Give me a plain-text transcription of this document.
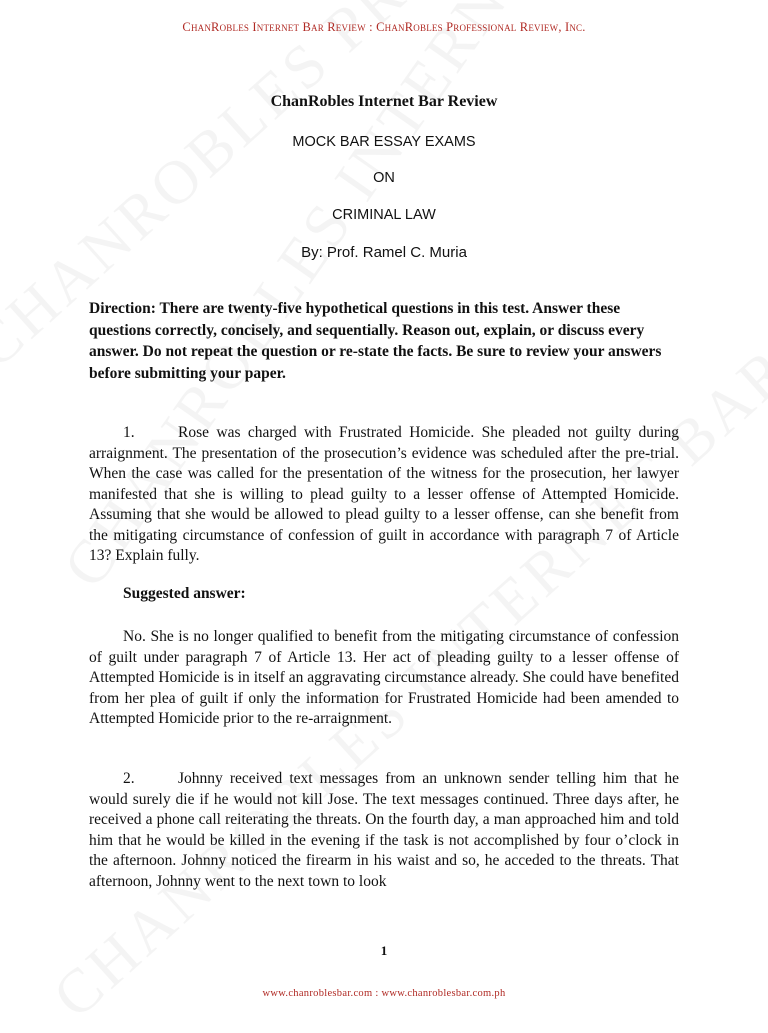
ChanRobles Internet Bar Review : ChanRobles Professional Review, Inc.
ChanRobles Internet Bar Review
MOCK BAR ESSAY EXAMS
ON
CRIMINAL LAW
By: Prof. Ramel C. Muria
Direction: There are twenty-five hypothetical questions in this test. Answer these questions correctly, concisely, and sequentially. Reason out, explain, or discuss every answer. Do not repeat the question or re-state the facts. Be sure to review your answers before submitting your paper.
1.	Rose was charged with Frustrated Homicide. She pleaded not guilty during arraignment. The presentation of the prosecution’s evidence was scheduled after the pre-trial. When the case was called for the presentation of the witness for the prosecution, her lawyer manifested that she is willing to plead guilty to a lesser offense of Attempted Homicide. Assuming that she would be allowed to plead guilty to a lesser offense, can she benefit from the mitigating circumstance of confession of guilt in accordance with paragraph 7 of Article 13? Explain fully.
Suggested answer:
No. She is no longer qualified to benefit from the mitigating circumstance of confession of guilt under paragraph 7 of Article 13. Her act of pleading guilty to a lesser offense of Attempted Homicide is in itself an aggravating circumstance already. She could have benefited from her plea of guilt if only the information for Frustrated Homicide had been amended to Attempted Homicide prior to the re-arraignment.
2.	Johnny received text messages from an unknown sender telling him that he would surely die if he would not kill Jose. The text messages continued. Three days after, he received a phone call reiterating the threats. On the fourth day, a man approached him and told him that he would be killed in the evening if the task is not accomplished by four o’clock in the afternoon. Johnny noticed the firearm in his waist and so, he acceded to the threats. That afternoon, Johnny went to the next town to look
1
www.chanroblesbar.com : www.chanroblesbar.com.ph
